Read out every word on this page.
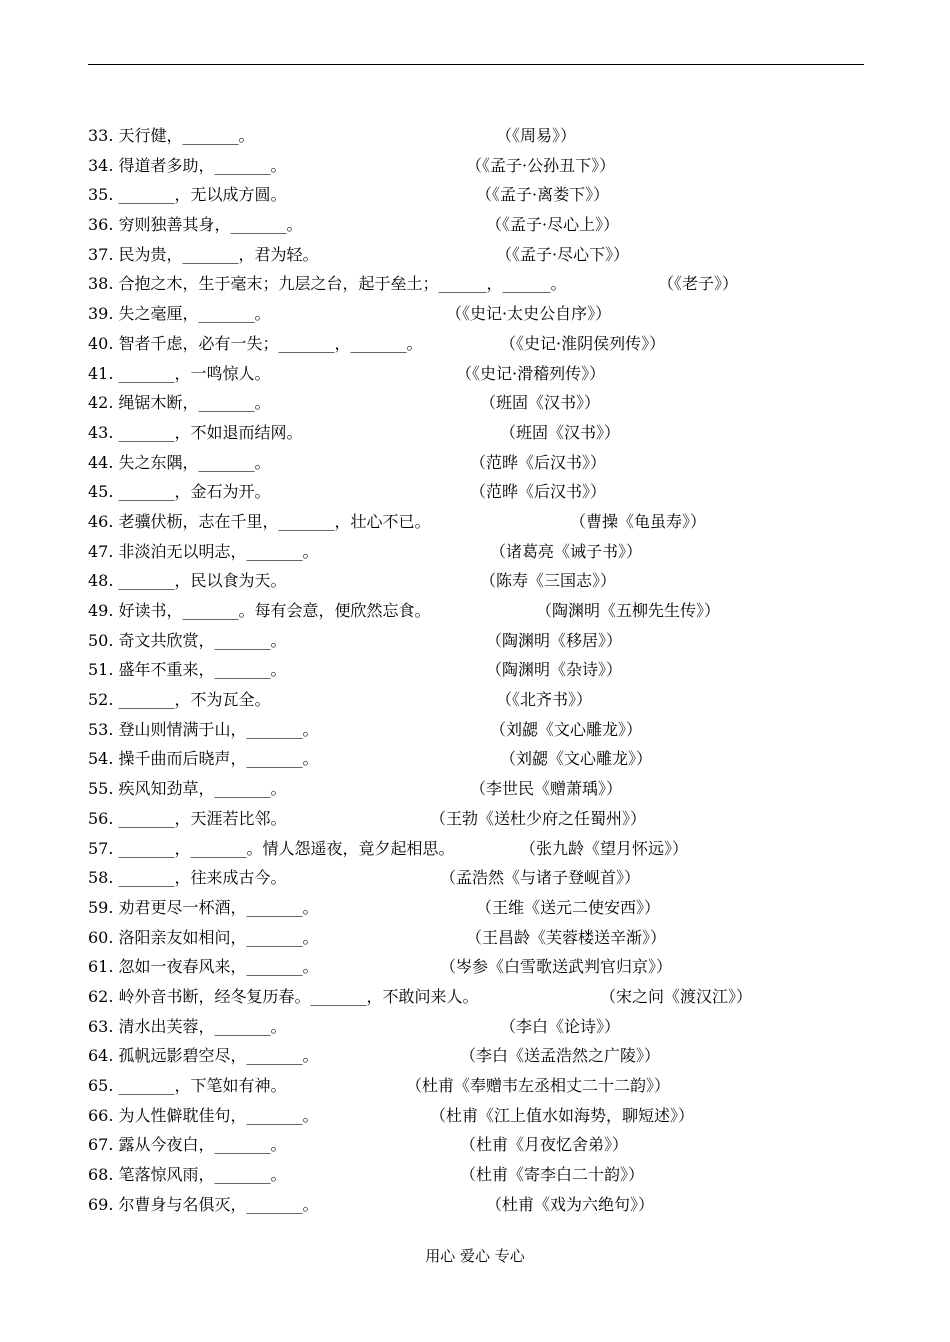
33. 天行健，_______。	（《周易》）
34. 得道者多助，_______。	（《孟子·公孙丑下》）
35. _______，无以成方圆。	（《孟子·离娄下》）
36. 穷则独善其身，_______。	（《孟子·尽心上》）
37. 民为贵，_______，君为轻。	（《孟子·尽心下》）
38. 合抱之木，生于毫末；九层之台，起于垒土；______，______。	（《老子》）
39. 失之毫厘，_______。	（《史记·太史公自序》）
40. 智者千虑，必有一失；_______，_______。	（《史记·淮阴侯列传》）
41. _______，一鸣惊人。	（《史记·滑稽列传》）
42. 绳锯木断，_______。	（班固《汉书》）
43. _______，不如退而结网。	（班固《汉书》）
44. 失之东隅，_______。	（范晔《后汉书》）
45. _______，金石为开。	（范晔《后汉书》）
46. 老骥伏枥，志在千里，_______，壮心不已。	（曹操《龟虽寿》）
47. 非淡泊无以明志，_______。	（诸葛亮《诫子书》）
48. _______，民以食为天。	（陈寿《三国志》）
49. 好读书，_______。每有会意，便欣然忘食。	（陶渊明《五柳先生传》）
50. 奇文共欣赏，_______。	（陶渊明《移居》）
51. 盛年不重来，_______。	（陶渊明《杂诗》）
52. _______，不为瓦全。	（《北齐书》）
53. 登山则情满于山，_______。	（刘勰《文心雕龙》）
54. 操千曲而后晓声，_______。	（刘勰《文心雕龙》）
55. 疾风知劲草，_______。	（李世民《赠萧瑀》）
56. _______，天涯若比邻。	（王勃《送杜少府之任蜀州》）
57. _______，_______。情人怨遥夜，竟夕起相思。	（张九龄《望月怀远》）
58. _______，往来成古今。	（孟浩然《与诸子登岘首》）
59. 劝君更尽一杯酒，_______。	（王维《送元二使安西》）
60. 洛阳亲友如相问，_______。	（王昌龄《芙蓉楼送辛渐》）
61. 忽如一夜春风来，_______。	（岑参《白雪歌送武判官归京》）
62. 岭外音书断，经冬复历春。_______，不敢问来人。	（宋之问《渡汉江》）
63. 清水出芙蓉，_______。	（李白《论诗》）
64. 孤帆远影碧空尽，_______。	（李白《送孟浩然之广陵》）
65. _______，下笔如有神。	（杜甫《奉赠韦左丞相丈二十二韵》）
66. 为人性僻耽佳句，_______。	（杜甫《江上值水如海势，聊短述》）
67. 露从今夜白，_______。	（杜甫《月夜忆舍弟》）
68. 笔落惊风雨，_______。	（杜甫《寄李白二十韵》）
69. 尔曹身与名俱灭，_______。	（杜甫《戏为六绝句》）
用心 爱心 专心
